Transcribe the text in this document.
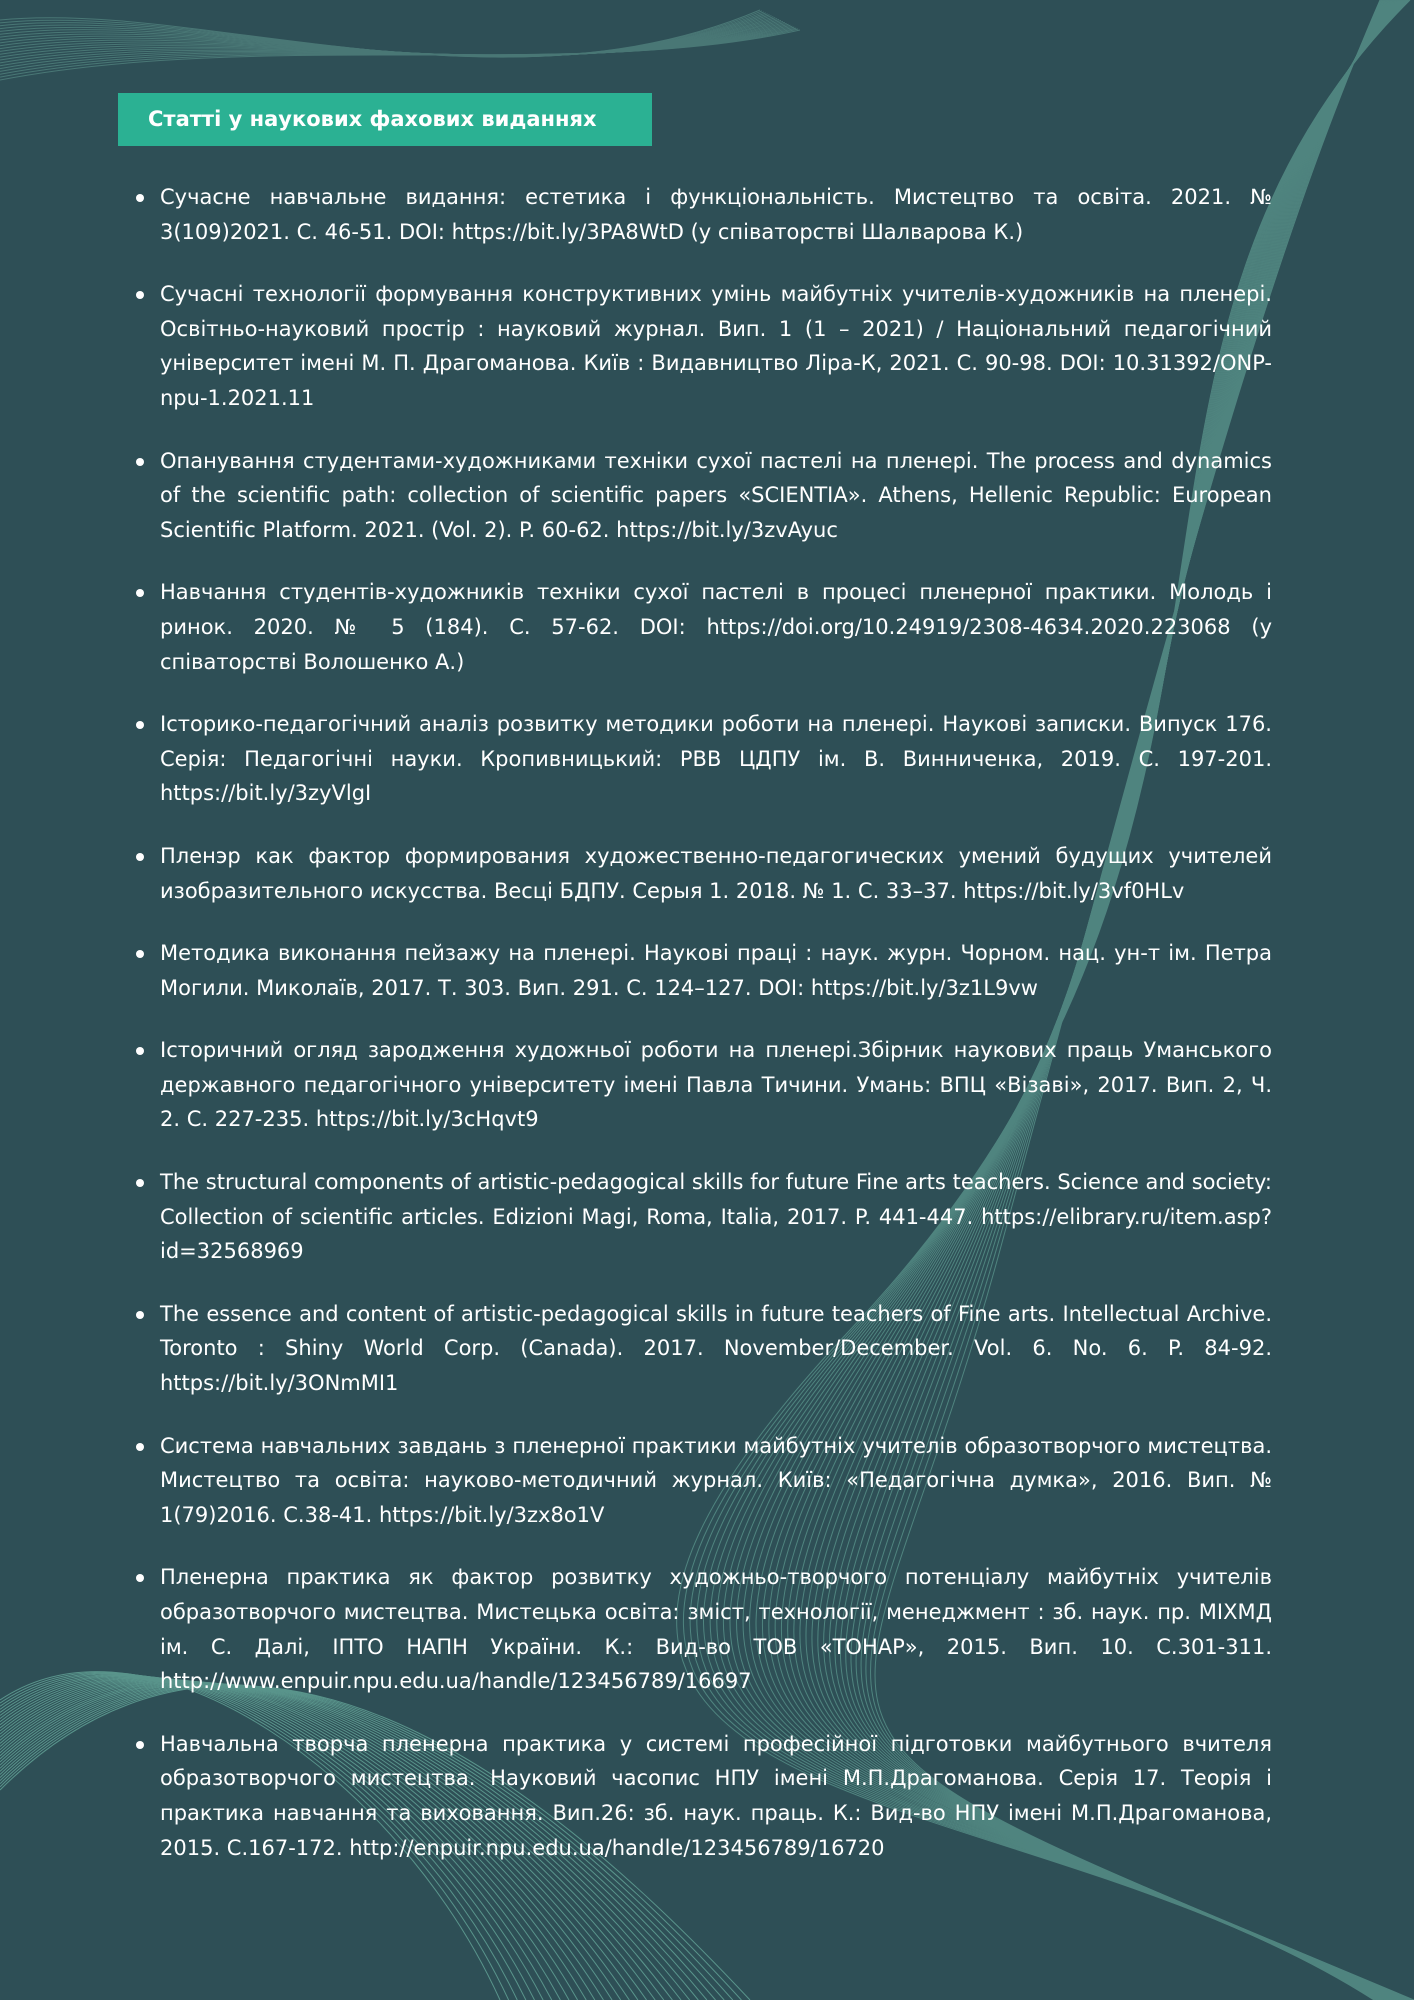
Статті у наукових фахових виданнях
Сучасне навчальне видання: естетика і функціональність. Мистецтво та освіта. 2021. № 3(109)2021. С. 46-51. DOI: https://bit.ly/3PA8WtD (у співаторстві Шалварова К.)
Сучасні технології формування конструктивних умінь майбутніх учителів-художників на пленері. Освітньо-науковий простір : науковий журнал. Вип. 1 (1 – 2021) / Національний педагогічний університет імені М. П. Драгоманова. Київ : Видавництво Ліра-К, 2021. С. 90-98. DOI: 10.31392/ONP-npu-1.2021.11
Опанування студентами-художниками техніки сухої пастелі на пленері. The process and dynamics of the scientific path: collection of scientific papers «SCIENTIA». Athens, Hellenic Republic: European Scientific Platform. 2021. (Vol. 2). P. 60-62. https://bit.ly/3zvAyuc
Навчання студентів-художників техніки сухої пастелі в процесі пленерної практики. Молодь і ринок. 2020. № 5 (184). С. 57-62. DOI: https://doi.org/10.24919/2308-4634.2020.223068 (у співаторстві Волошенко А.)
Історико-педагогічний аналіз розвитку методики роботи на пленері. Наукові записки. Випуск 176. Серія: Педагогічні науки. Кропивницький: РВВ ЦДПУ ім. В. Винниченка, 2019. С. 197-201. https://bit.ly/3zyVlgI
Пленэр как фактор формирования художественно-педагогических умений будущих учителей изобразительного искусства. Весці БДПУ. Серыя 1. 2018. № 1. С. 33–37. https://bit.ly/3vf0HLv
Методика виконання пейзажу на пленері. Наукові праці : наук. журн. Чорном. нац. ун-т ім. Петра Могили. Миколаїв, 2017. Т. 303. Вип. 291. С. 124–127. DOI: https://bit.ly/3z1L9vw
Історичний огляд зародження художньої роботи на пленері.Збірник наукових праць Уманського державного педагогічного університету імені Павла Тичини. Умань: ВПЦ «Візаві», 2017. Вип. 2, Ч. 2. С. 227-235. https://bit.ly/3cHqvt9
The structural components of artistic-pedagogical skills for future Fine arts teachers. Science and society: Collection of scientific articles. Edizioni Magi, Roma, Italia, 2017. P. 441-447. https://elibrary.ru/item.asp?id=32568969
The essence and content of artistic-pedagogical skills in future teachers of Fine arts. Intellectual Archive. Toronto : Shiny World Corp. (Canada). 2017. November/December. Vol. 6. No. 6. P. 84-92. https://bit.ly/3ONmMI1
Система навчальних завдань з пленерної практики майбутніх учителів образотворчого мистецтва. Мистецтво та освіта: науково-методичний журнал. Київ: «Педагогічна думка», 2016. Вип. № 1(79)2016. С.38-41. https://bit.ly/3zx8o1V
Пленерна практика як фактор розвитку художньо-творчого потенціалу майбутніх учителів образотворчого мистецтва. Мистецька освіта: зміст, технології, менеджмент : зб. наук. пр. МІХМД ім. С. Далі, ІПТО НАПН України. К.: Вид-во ТОВ «ТОНАР», 2015. Вип. 10. С.301-311. http://www.enpuir.npu.edu.ua/handle/123456789/16697
Навчальна творча пленерна практика у системі професійної підготовки майбутнього вчителя образотворчого мистецтва. Науковий часопис НПУ імені М.П.Драгоманова. Серія 17. Теорія і практика навчання та виховання. Вип.26: зб. наук. праць. К.: Вид-во НПУ імені М.П.Драгоманова, 2015. С.167-172. http://enpuir.npu.edu.ua/handle/123456789/16720
